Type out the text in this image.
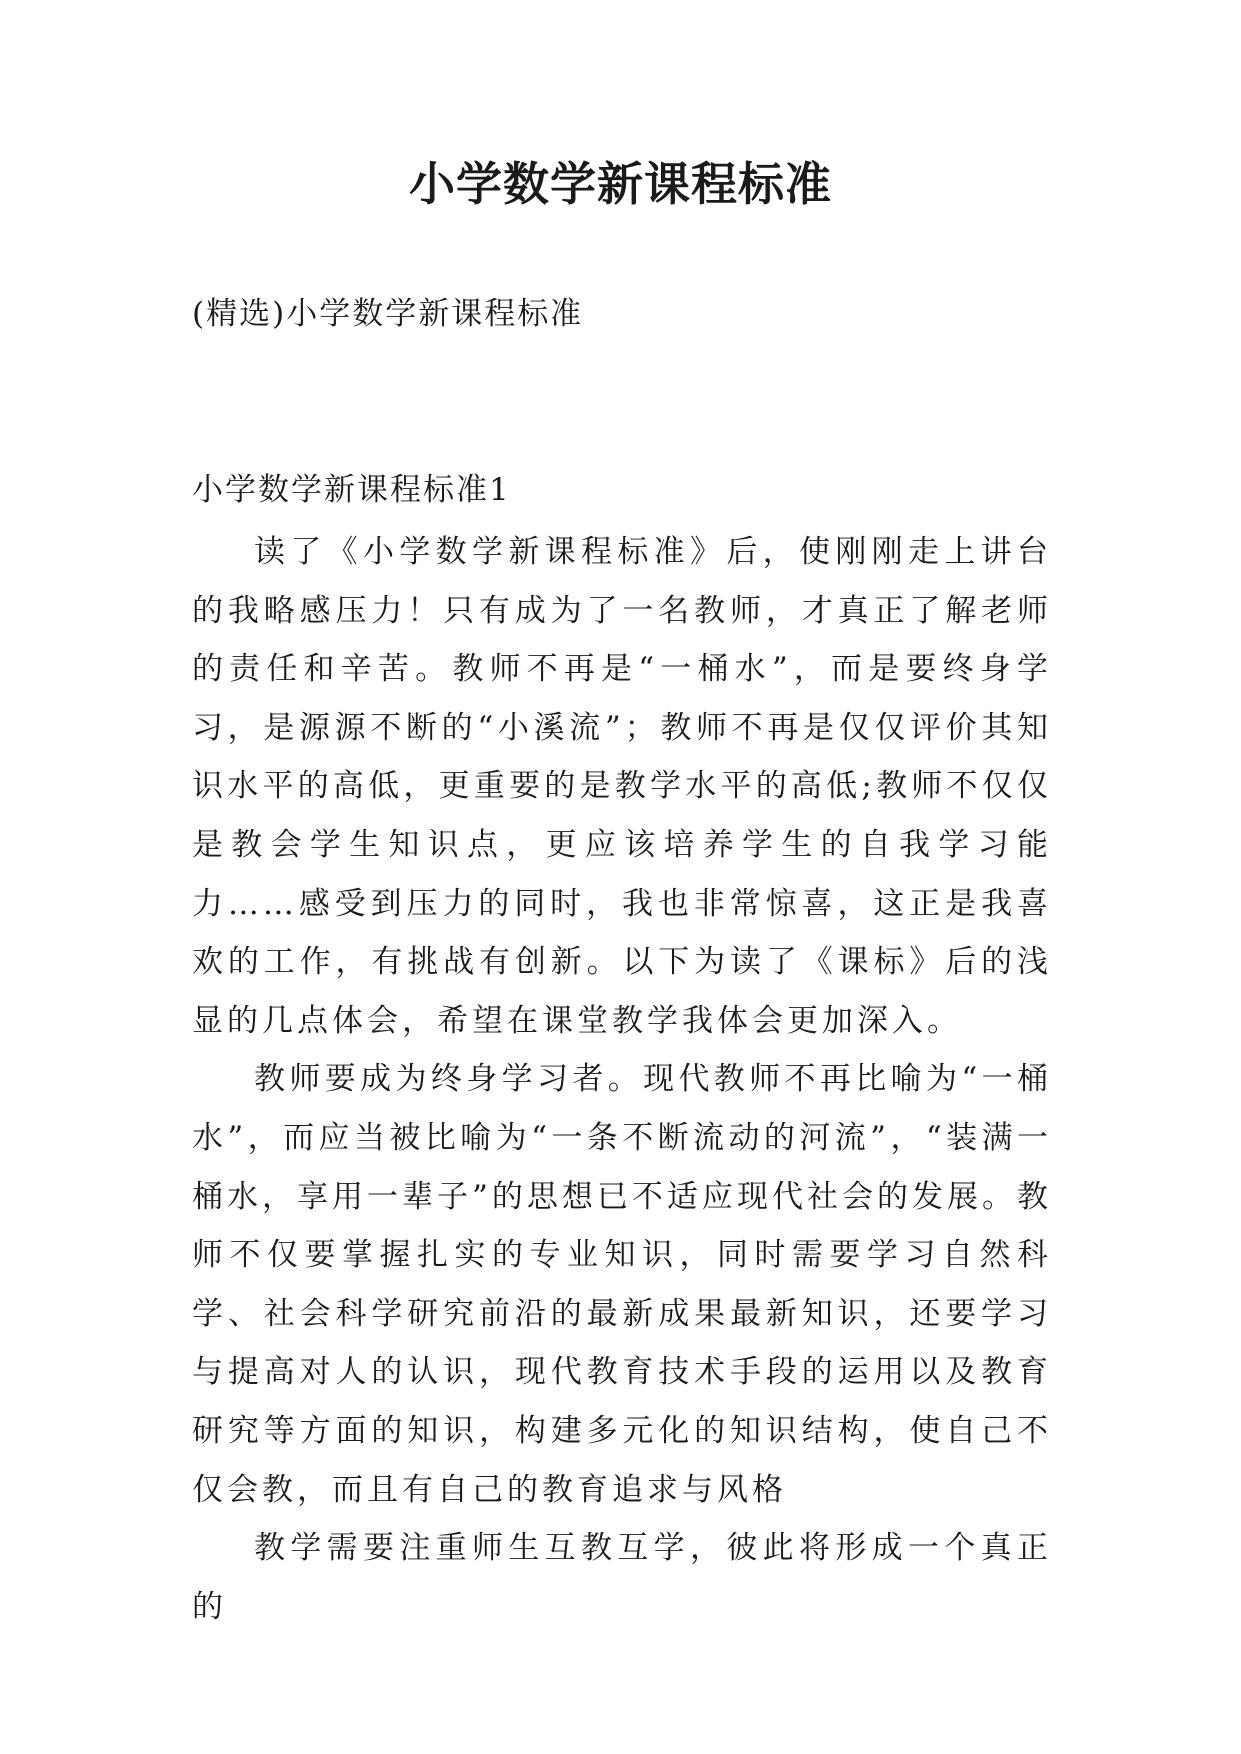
小学数学新课程标准
(精选)小学数学新课程标准
小学数学新课程标准1

读了《小学数学新课程标准》后，使刚刚走上讲台的我略感压力！只有成为了一名教师，才真正了解老师的责任和辛苦。教师不再是“一桶水”，而是要终身学习，是源源不断的“小溪流”；教师不再是仅仅评价其知识水平的高低，更重要的是教学水平的高低;教师不仅仅是教会学生知识点，更应该培养学生的自我学习能力……感受到压力的同时，我也非常惊喜，这正是我喜欢的工作，有挑战有创新。以下为读了《课标》后的浅显的几点体会，希望在课堂教学我体会更加深入。

教师要成为终身学习者。现代教师不再比喻为“一桶水”，而应当被比喻为“一条不断流动的河流”，“装满一桶水，享用一辈子”的思想已不适应现代社会的发展。教师不仅要掌握扎实的专业知识，同时需要学习自然科学、社会科学研究前沿的最新成果最新知识，还要学习与提高对人的认识，现代教育技术手段的运用以及教育研究等方面的知识，构建多元化的知识结构，使自己不仅会教，而且有自己的教育追求与风格

教学需要注重师生互教互学，彼此将形成一个真正的
